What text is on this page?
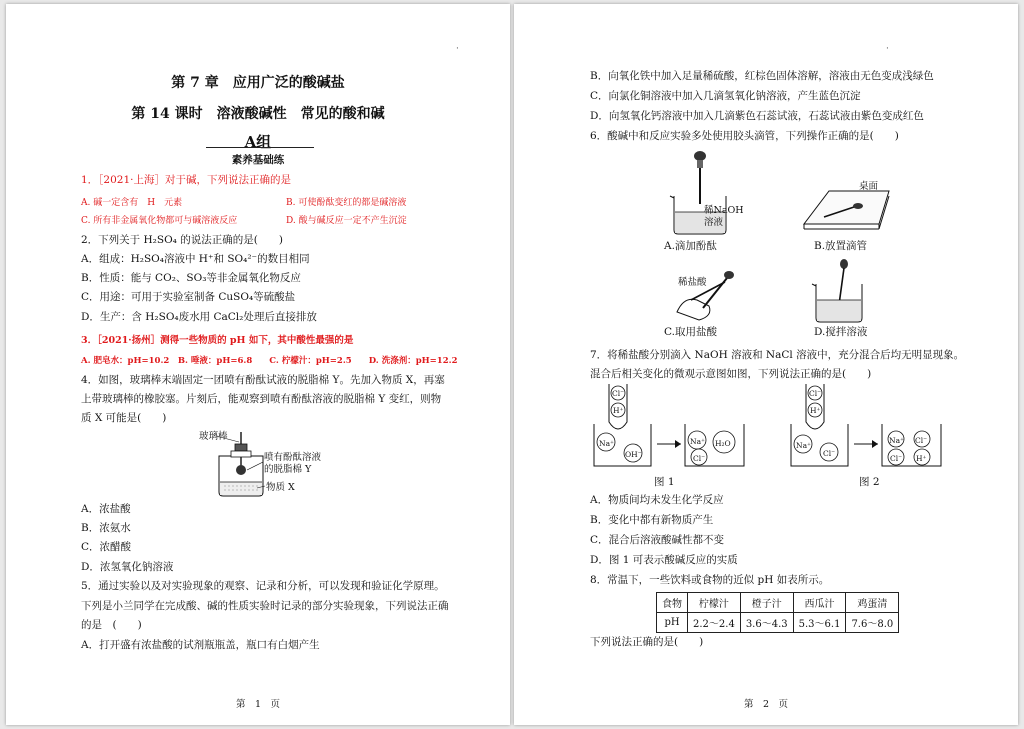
·
第 7 章　应用广泛的酸碱盐
第 14 课时　溶液酸碱性　常见的酸和碱
A组
素养基础练
1．［2021·上海］对于碱，下列说法正确的是
A. 碱一定含有　H　元素	B. 可使酚酞变红的都是碱溶液
C. 所有非金属氧化物都可与碱溶液反应	D. 酸与碱反应一定不产生沉淀
2．下列关于 H₂SO₄ 的说法正确的是(　　)
A．组成：H₂SO₄溶液中 H⁺和 SO₄²⁻的数目相同
B．性质：能与 CO₂、SO₃等非金属氧化物反应
C．用途：可用于实验室制备 CuSO₄等硫酸盐
D．生产：含 H₂SO₄废水用 CaCl₂处理后直接排放
3．［2021·扬州］测得一些物质的 pH 如下，其中酸性最强的是
A. 肥皂水：pH=10.2　B. 唾液：pH=6.8　　C. 柠檬汁：pH=2.5　　D. 洗涤剂：pH=12.2
4．如图，玻璃棒末端固定一团喷有酚酞试液的脱脂棉 Y。先加入物质 X，再塞
上带玻璃棒的橡胶塞。片刻后，能观察到喷有酚酞溶液的脱脂棉 Y 变红，则物
质 X 可能是(　　)
玻璃棒
喷有酚酞溶液
的脱脂棉 Y
物质 X
A．浓盐酸
B．浓氨水
C．浓醋酸
D．浓氢氧化钠溶液
5．通过实验以及对实验现象的观察、记录和分析，可以发现和验证化学原理。
下列是小兰同学在完成酸、碱的性质实验时记录的部分实验现象，下列说法正确
的是　(　　)
A．打开盛有浓盐酸的试剂瓶瓶盖，瓶口有白烟产生
第　1　页
·
B．向氧化铁中加入足量稀硫酸，红棕色固体溶解，溶液由无色变成浅绿色
C．向氯化铜溶液中加入几滴氢氧化钠溶液，产生蓝色沉淀
D．向氢氧化钙溶液中加入几滴紫色石蕊试液，石蕊试液由紫色变成红色
6．酸碱中和反应实验多处使用胶头滴管，下列操作正确的是(　　)
稀NaOH
溶液
A.滴加酚酞
桌面
B.放置滴管
稀盐酸
C.取用盐酸	D.搅拌溶液
7．将稀盐酸分别滴入 NaOH 溶液和 NaCl 溶液中，充分混合后均无明显现象。
混合后相关变化的微观示意图如图，下列说法正确的是(　　)
Cl⁻
H⁺
Na⁺
OH⁻
Na⁺ H₂O
Cl⁻
图 1
Cl⁻
H⁺
Na⁺
Cl⁻
Na⁺ Cl⁻
Cl⁻ H⁺
图 2
A．物质间均未发生化学反应
B．变化中都有新物质产生
C．混合后溶液酸碱性都不变
D．图 1 可表示酸碱反应的实质
8．常温下，一些饮料或食物的近似 pH 如表所示。
食物	柠檬汁	橙子汁	西瓜汁	鸡蛋清
pH	2.2～2.4	3.6～4.3	5.3～6.1	7.6～8.0
下列说法正确的是(　　)
第　2　页
